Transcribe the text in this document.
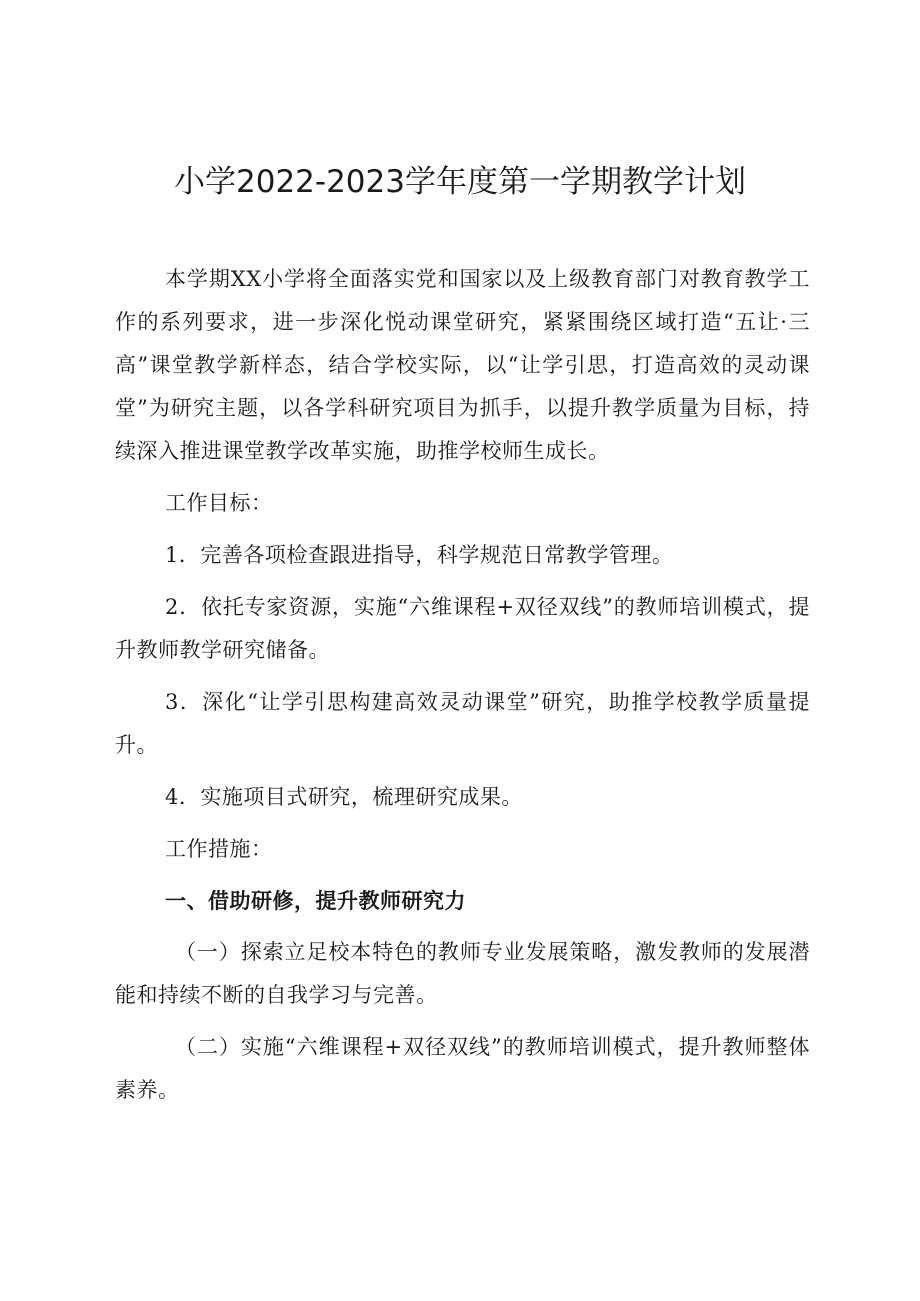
小学2022-2023学年度第一学期教学计划

本学期XX小学将全面落实党和国家以及上级教育部门对教育教学工作的系列要求，进一步深化悦动课堂研究，紧紧围绕区域打造“五让·三高”课堂教学新样态，结合学校实际，以“让学引思，打造高效的灵动课堂”为研究主题，以各学科研究项目为抓手，以提升教学质量为目标，持续深入推进课堂教学改革实施，助推学校师生成长。

工作目标：

1．完善各项检查跟进指导，科学规范日常教学管理。

2．依托专家资源，实施“六维课程+双径双线”的教师培训模式，提升教师教学研究储备。

3．深化“让学引思构建高效灵动课堂”研究，助推学校教学质量提升。

4．实施项目式研究，梳理研究成果。

工作措施：

一、借助研修，提升教师研究力

（一）探索立足校本特色的教师专业发展策略，激发教师的发展潜能和持续不断的自我学习与完善。

（二）实施“六维课程+双径双线”的教师培训模式，提升教师整体素养。
